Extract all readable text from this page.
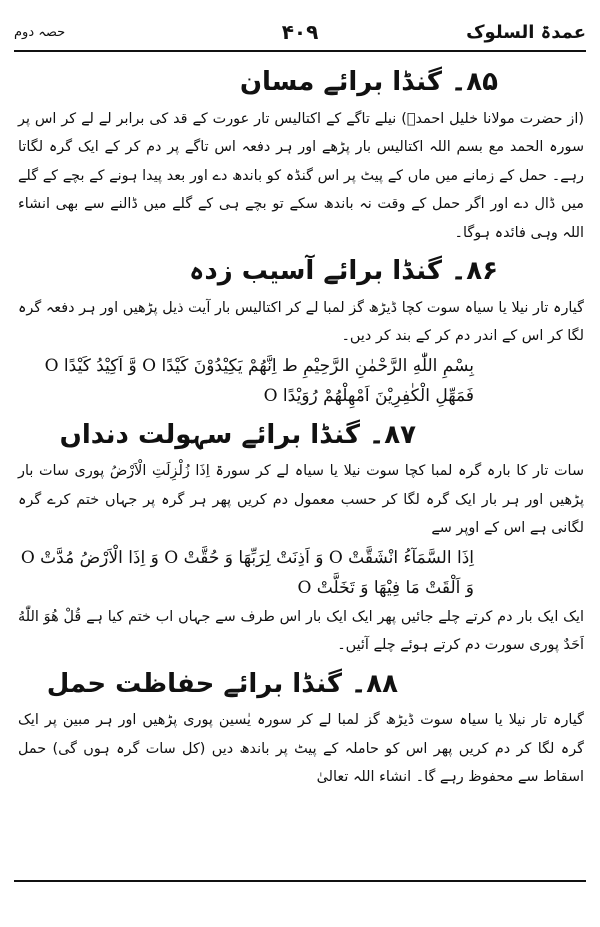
حصہ دوم	۴۰۹	عمدۃ السلوک
۸۵۔ گنڈا برائے مسان

(از حضرت مولانا خلیل احمدؒ) نیلے تاگے کے اکتالیس تار عورت کے قد کی برابر لے لے کر اس پر سورہ الحمد مع بسم اللہ اکتالیس بار پڑھے اور ہر دفعہ اس تاگے پر دم کر کے ایک گرہ لگاتا رہے۔ حمل کے زمانے میں ماں کے پیٹ پر اس گنڈہ کو باندھ دے اور بعد پیدا ہونے کے بچے کے گلے میں ڈال دے اور اگر حمل کے وقت نہ باندھ سکے تو بچے ہی کے گلے میں ڈالنے سے بھی انشاء اللہ وہی فائدہ ہوگا۔

۸۶۔ گنڈا برائے آسیب زدہ

گیارہ تار نیلا یا سیاہ سوت کچا ڈیڑھ گز لمبا لے کر اکتالیس بار آیت ذیل پڑھیں اور ہر دفعہ گرہ لگا کر اس کے اندر دم کر کے بند کر دیں۔

بِسْمِ اللّٰهِ الرَّحْمٰنِ الرَّحِیْمِ ط اِنَّهُمْ یَكِیْدُوْنَ كَیْدًا O وَّ اَكِیْدُ كَیْدًا O

فَمَهِّلِ الْكٰفِرِیْنَ اَمْهِلْهُمْ رُوَیْدًا O

۸۷۔ گنڈا برائے سہولت دنداں

سات تار کا بارہ گرہ لمبا کچا سوت نیلا یا سیاہ لے کر سورۃ اِذَا زُلْزِلَتِ الْاَرْضُ پوری سات بار پڑھیں اور ہر بار ایک گرہ لگا کر حسب معمول دم کریں پھر ہر گرہ پر جہاں ختم کرے گرہ لگانی ہے اس کے اوپر سے

اِذَا السَّمَآءُ انْشَقَّتْ O وَ اَذِنَتْ لِرَبِّهَا وَ حُقَّتْ O وَ اِذَا الْاَرْضُ مُدَّتْ O

وَ اَلْقَتْ مَا فِیْهَا وَ تَخَلَّتْ O

ایک ایک بار دم کرتے چلے جائیں پھر ایک ایک بار اس طرف سے جہاں اب ختم کیا ہے قُلْ هُوَ اللّٰهُ اَحَدٌ پوری سورت دم کرتے ہوئے چلے آئیں۔

۸۸۔ گنڈا برائے حفاظت حمل

گیارہ تار نیلا یا سیاہ سوت ڈیڑھ گز لمبا لے کر سورہ یٰسین پوری پڑھیں اور ہر مبین پر ایک گرہ لگا کر دم کریں پھر اس کو حاملہ کے پیٹ پر باندھ دیں (کل سات گرہ ہوں گی) حمل اسقاط سے محفوظ رہے گا۔ انشاء اللہ تعالیٰ
